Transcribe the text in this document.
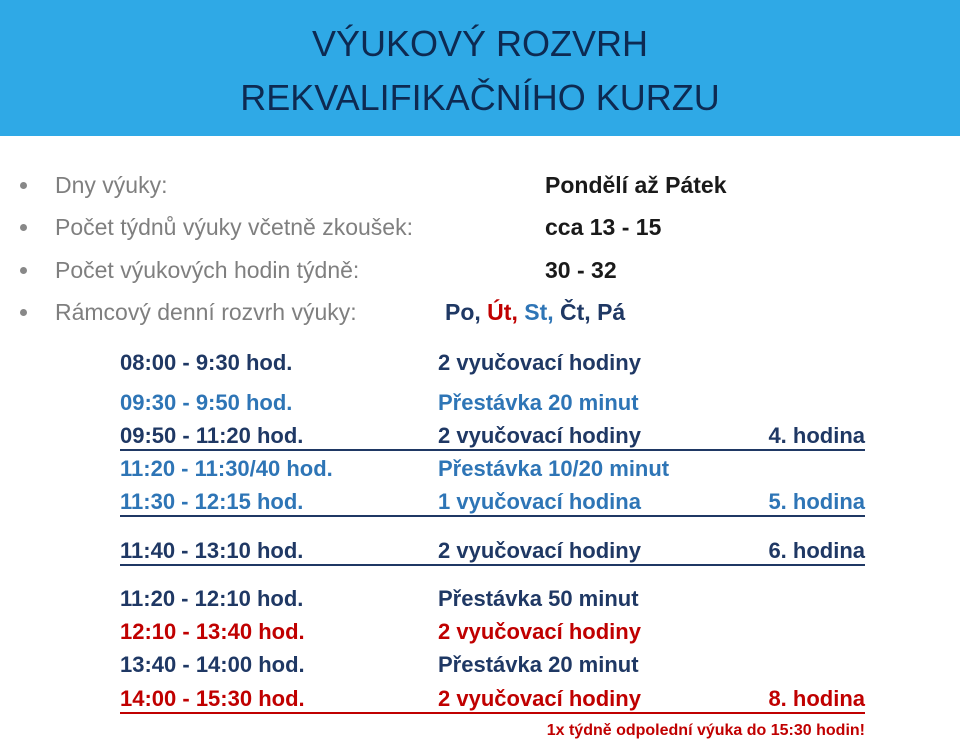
VÝUKOVÝ ROZVRH
REKVALIFIKAČNÍHO KURZU
Dny výuky:	Pondělí až Pátek
Počet týdnů výuky včetně zkoušek:	cca 13 - 15
Počet výukových hodin týdně:	30 - 32
Rámcový denní rozvrh výuky:	Po, Út, St, Čt, Pá
08:00 - 9:30 hod.	2 vyučovací hodiny
09:30 - 9:50 hod.	Přestávka 20 minut
09:50 - 11:20 hod.	2 vyučovací hodiny	4. hodina
11:20 - 11:30/40 hod.	Přestávka 10/20 minut
11:30 - 12:15 hod.	1 vyučovací hodina	5. hodina
11:40 - 13:10 hod.	2 vyučovací hodiny	6. hodina
11:20 - 12:10 hod.	Přestávka 50 minut
12:10 - 13:40 hod.	2 vyučovací hodiny
13:40 - 14:00 hod.	Přestávka 20 minut
14:00 - 15:30 hod.	2 vyučovací hodiny	8. hodina
1x týdně odpolední výuka do 15:30 hodin!
